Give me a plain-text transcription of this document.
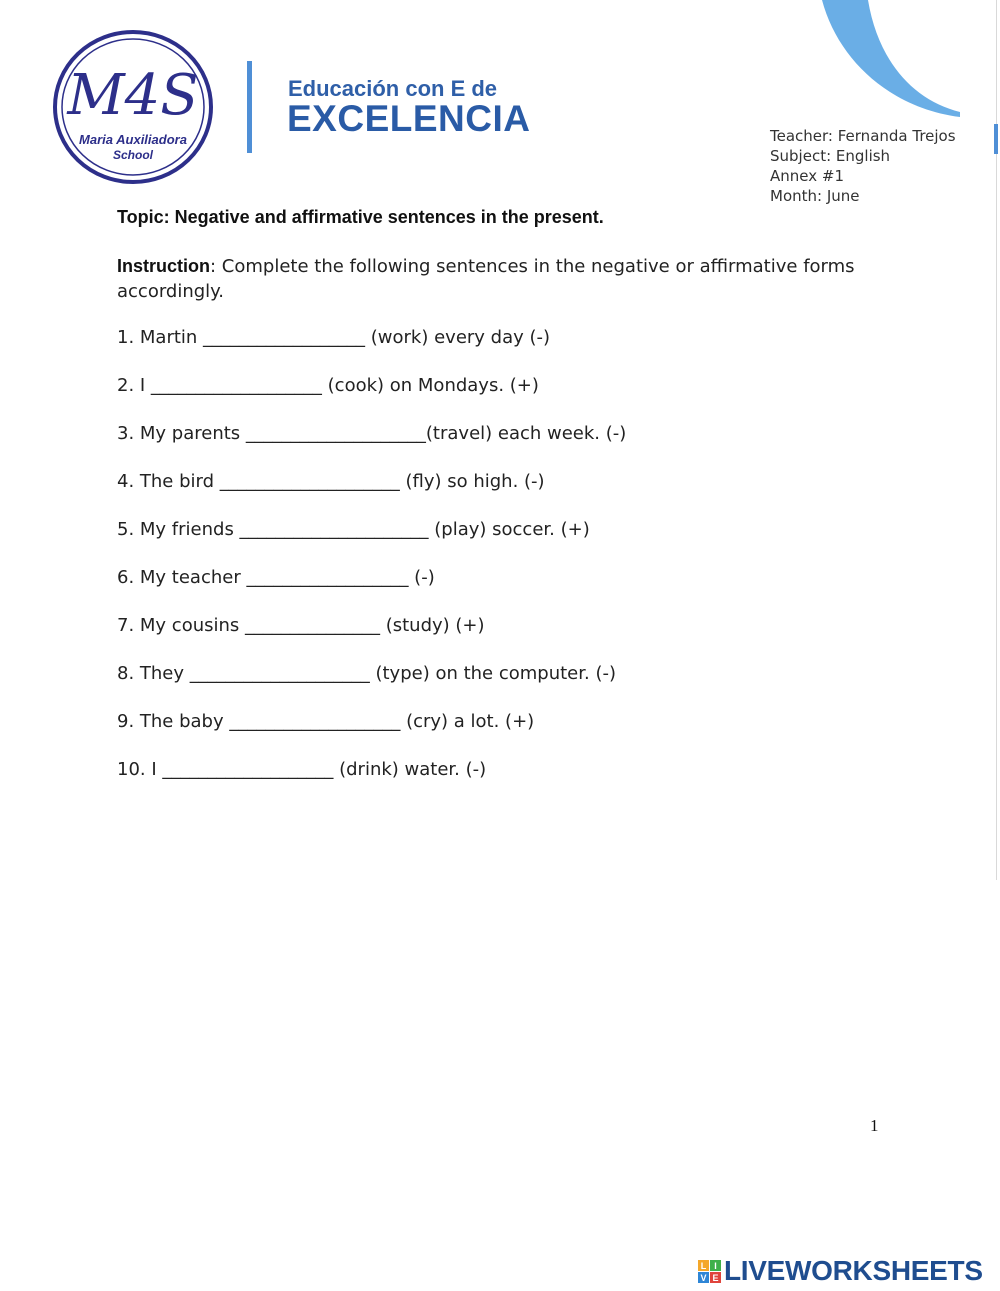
M4S
Maria Auxiliadora
School
Educación con E de
EXCELENCIA	Teacher: Fernanda Trejos
Subject: English
Annex #1
Month: June
Topic: Negative and affirmative sentences in the present.
Instruction: Complete the following sentences in the negative or affirmative forms accordingly.
1. Martin __________________ (work) every day (-)
2. I ___________________ (cook) on Mondays. (+)
3. My parents ____________________(travel) each week. (-)
4. The bird ____________________ (fly) so high. (-)
5. My friends _____________________ (play) soccer. (+)
6. My teacher __________________ (-)
7. My cousins _______________ (study) (+)
8. They ____________________ (type) on the computer. (-)
9. The baby ___________________ (cry) a lot. (+)
10. I ___________________ (drink) water. (-)
1
L I
V E LIVEWORKSHEETS
